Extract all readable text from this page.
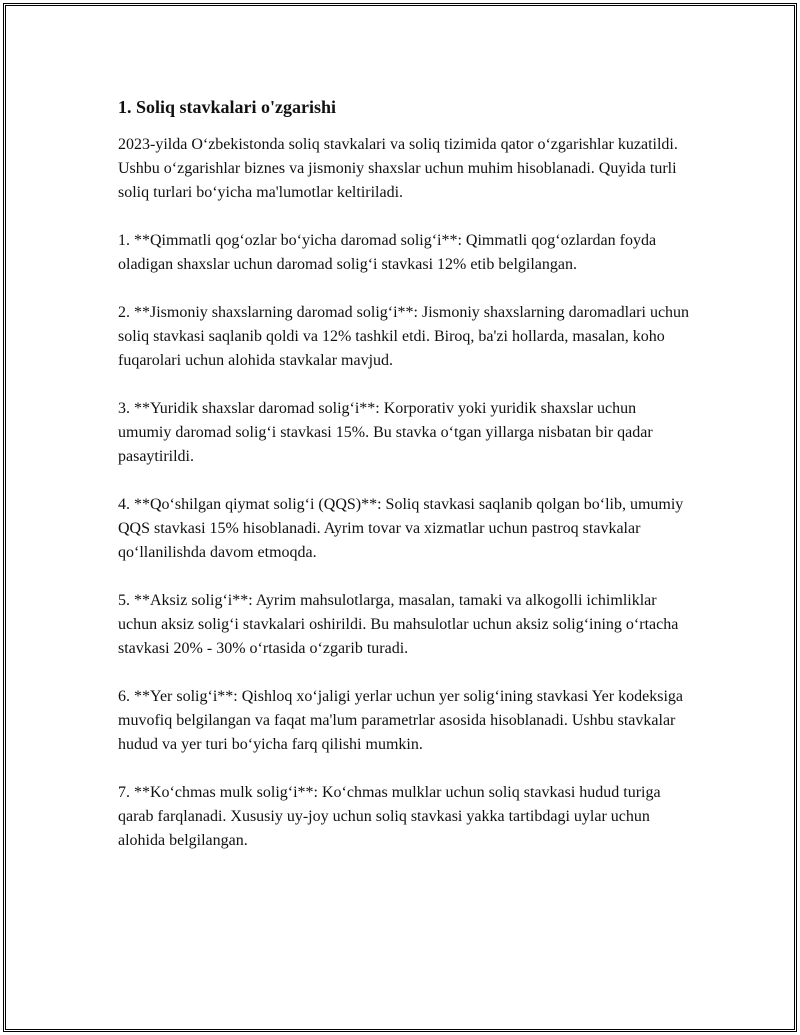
1. Soliq stavkalari o'zgarishi

2023-yilda O‘zbekistonda soliq stavkalari va soliq tizimida qator o‘zgarishlar kuzatildi. Ushbu o‘zgarishlar biznes va jismoniy shaxslar uchun muhim hisoblanadi. Quyida turli soliq turlari bo‘yicha ma'lumotlar keltiriladi.

1. **Qimmatli qog‘ozlar bo‘yicha daromad solig‘i**: Qimmatli qog‘ozlardan foyda oladigan shaxslar uchun daromad solig‘i stavkasi 12% etib belgilangan.

2. **Jismoniy shaxslarning daromad solig‘i**: Jismoniy shaxslarning daromadlari uchun soliq stavkasi saqlanib qoldi va 12% tashkil etdi. Biroq, ba'zi hollarda, masalan, koho fuqarolari uchun alohida stavkalar mavjud.

3. **Yuridik shaxslar daromad solig‘i**: Korporativ yoki yuridik shaxslar uchun umumiy daromad solig‘i stavkasi 15%. Bu stavka o‘tgan yillarga nisbatan bir qadar pasaytirildi.

4. **Qo‘shilgan qiymat solig‘i (QQS)**: Soliq stavkasi saqlanib qolgan bo‘lib, umumiy QQS stavkasi 15% hisoblanadi. Ayrim tovar va xizmatlar uchun pastroq stavkalar qo‘llanilishda davom etmoqda.

5. **Aksiz solig‘i**: Ayrim mahsulotlarga, masalan, tamaki va alkogolli ichimliklar uchun aksiz solig‘i stavkalari oshirildi. Bu mahsulotlar uchun aksiz solig‘ining o‘rtacha stavkasi 20% - 30% o‘rtasida o‘zgarib turadi.

6. **Yer solig‘i**: Qishloq xo‘jaligi yerlar uchun yer solig‘ining stavkasi Yer kodeksiga muvofiq belgilangan va faqat ma'lum parametrlar asosida hisoblanadi. Ushbu stavkalar hudud va yer turi bo‘yicha farq qilishi mumkin.

7. **Ko‘chmas mulk solig‘i**: Ko‘chmas mulklar uchun soliq stavkasi hudud turiga qarab farqlanadi. Xususiy uy-joy uchun soliq stavkasi yakka tartibdagi uylar uchun alohida belgilangan.
